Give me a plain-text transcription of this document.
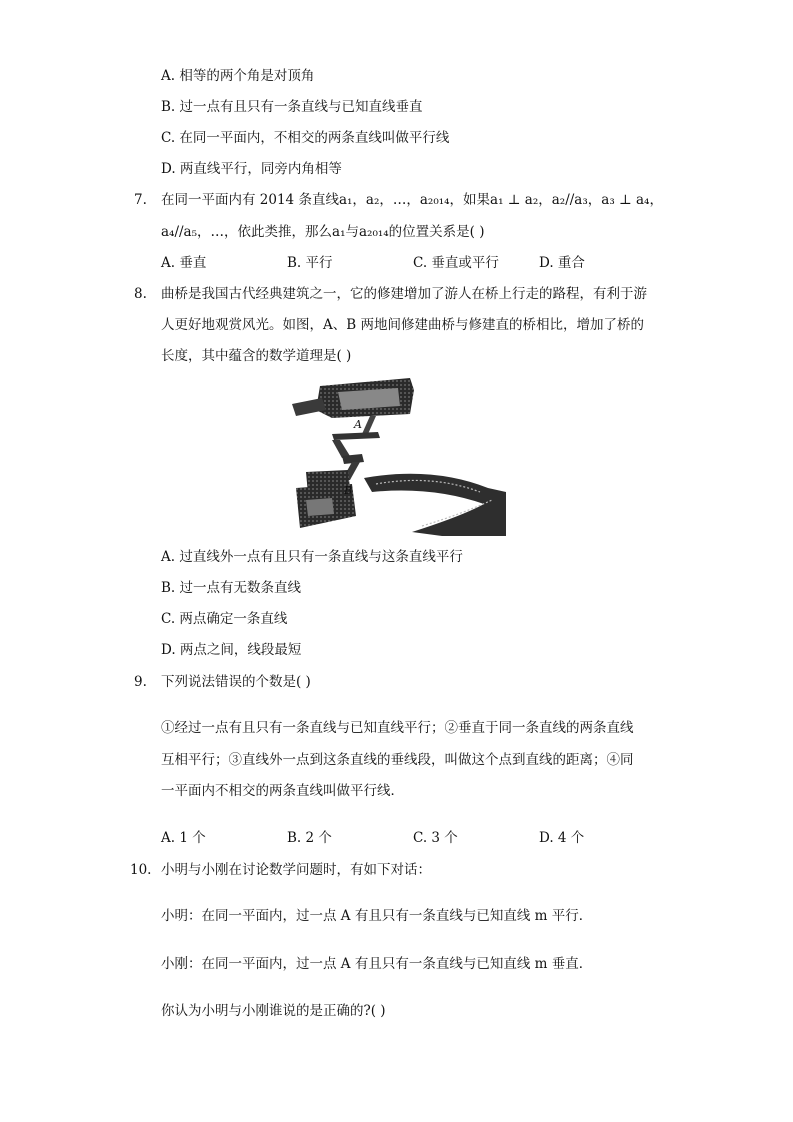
A. 相等的两个角是对顶角
B. 过一点有且只有一条直线与已知直线垂直
C. 在同一平面内，不相交的两条直线叫做平行线
D. 两直线平行，同旁内角相等
7. 在同一平面内有 2014 条直线a₁，a₂，…，a₂₀₁₄，如果a₁ ⊥ a₂，a₂//a₃，a₃ ⊥ a₄，
a₄//a₅，…，依此类推，那么a₁与a₂₀₁₄的位置关系是( )
A. 垂直	B. 平行	C. 垂直或平行	D. 重合
8. 曲桥是我国古代经典建筑之一，它的修建增加了游人在桥上行走的路程，有利于游
人更好地观赏风光。如图，A、B 两地间修建曲桥与修建直的桥相比，增加了桥的
长度，其中蕴含的数学道理是( )
A
B
A. 过直线外一点有且只有一条直线与这条直线平行
B. 过一点有无数条直线
C. 两点确定一条直线
D. 两点之间，线段最短
9. 下列说法错误的个数是( )
①经过一点有且只有一条直线与已知直线平行；②垂直于同一条直线的两条直线
互相平行；③直线外一点到这条直线的垂线段，叫做这个点到直线的距离；④同
一平面内不相交的两条直线叫做平行线．
A. 1 个	B. 2 个	C. 3 个	D. 4 个
10. 小明与小刚在讨论数学问题时，有如下对话：
小明：在同一平面内，过一点 A 有且只有一条直线与已知直线 m 平行．
小刚：在同一平面内，过一点 A 有且只有一条直线与已知直线 m 垂直．
你认为小明与小刚谁说的是正确的?( )
